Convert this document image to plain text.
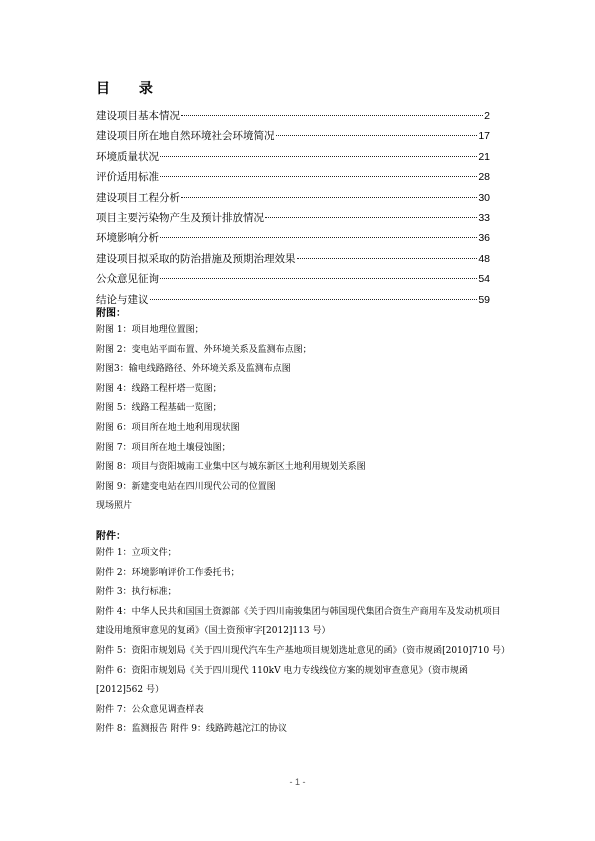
目 录
建设项目基本情况	2
建设项目所在地自然环境社会环境简况	17
环境质量状况	21
评价适用标准	28
建设项目工程分析	30
项目主要污染物产生及预计排放情况	33
环境影响分析	36
建设项目拟采取的防治措施及预期治理效果	48
公众意见征询	54
结论与建议	59
附图：
附图 1：项目地理位置图；
附图 2：变电站平面布置、外环境关系及监测布点图；
附图3：输电线路路径、外环境关系及监测布点图
附图 4：线路工程杆塔一览图；
附图 5：线路工程基础一览图；
附图 6：项目所在地土地利用现状图
附图 7：项目所在地土壤侵蚀图；
附图 8：项目与资阳城南工业集中区与城东新区土地利用规划关系图
附图 9：新建变电站在四川现代公司的位置图
现场照片
附件：
附件 1：立项文件；
附件 2：环境影响评价工作委托书；
附件 3：执行标准；
附件 4：中华人民共和国国土资源部《关于四川南骏集团与韩国现代集团合资生产商用车及发动机项目建设用地预审意见的复函》（国土资预审字[2012]113 号）
附件 5：资阳市规划局《关于四川现代汽车生产基地项目规划选址意见的函》（资市规函[2010]710 号）
附件 6：资阳市规划局《关于四川现代 110kV 电力专线线位方案的规划审查意见》（资市规函[2012]562 号）
附件 7：公众意见调查样表
附件 8：监测报告 附件 9：线路跨越沱江的协议
- 1 -
